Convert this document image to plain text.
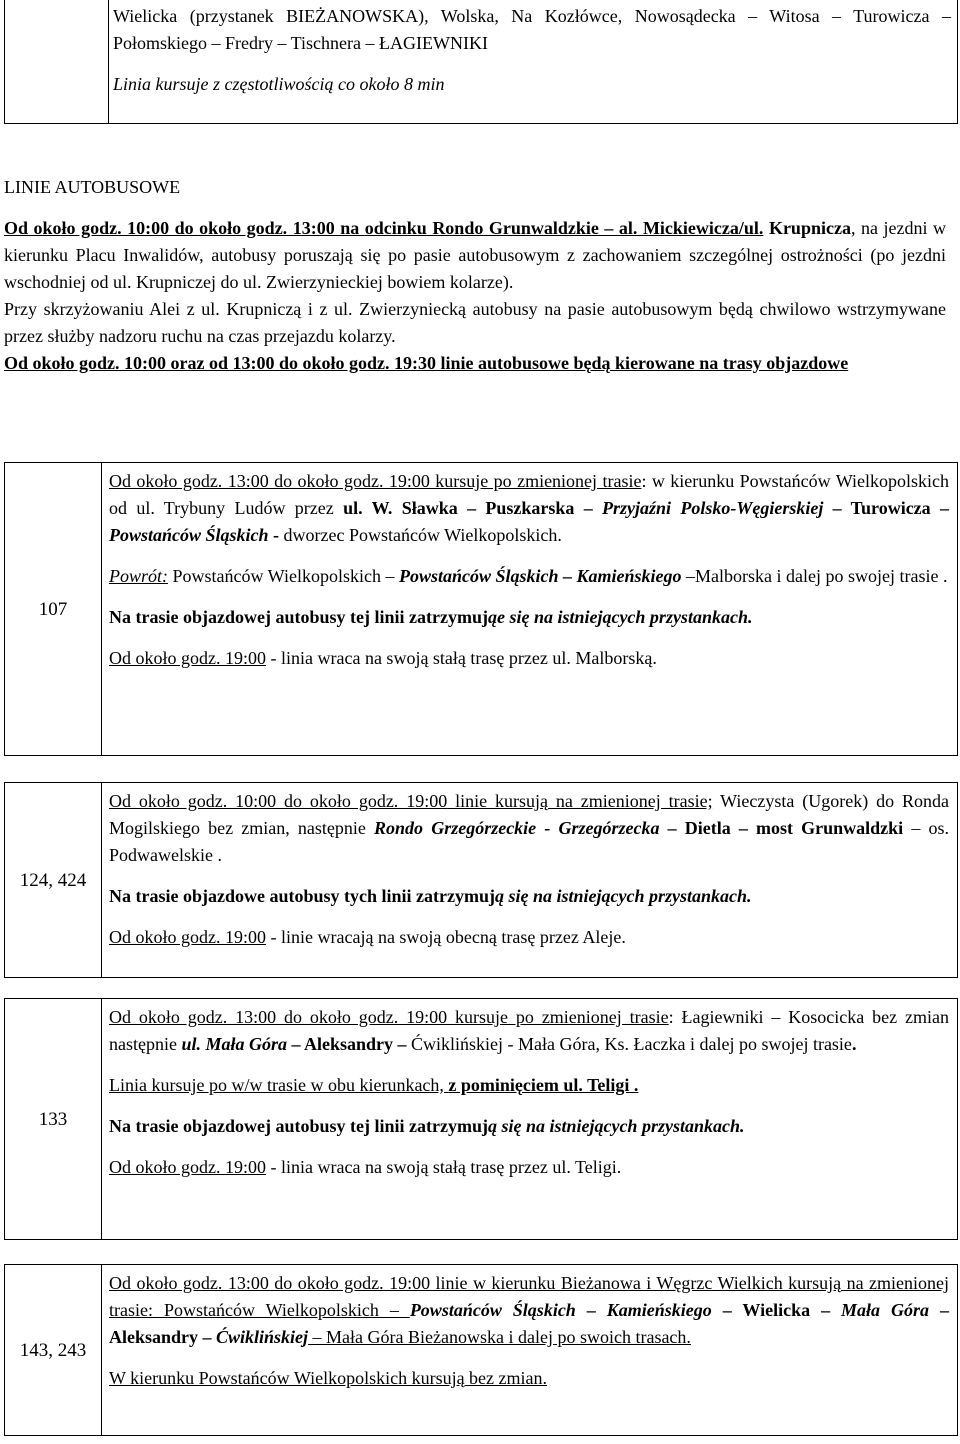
Wielicka (przystanek BIEŻANOWSKA), Wolska, Na Kozłówce, Nowosądecka – Witosa – Turowicza – Połomskiego – Fredry – Tischnera – ŁAGIEWNIKI

Linia kursuje z częstotliwością co około 8 min

LINIE AUTOBUSOWE

Od około godz. 10:00 do około godz. 13:00 na odcinku Rondo Grunwaldzkie – al. Mickiewicza/ul. Krupnicza, na jezdni w kierunku Placu Inwalidów, autobusy poruszają się po pasie autobusowym z zachowaniem szczególnej ostrożności (po jezdni wschodniej od ul. Krupniczej do ul. Zwierzynieckiej bowiem kolarze).

Przy skrzyżowaniu Alei z ul. Krupniczą i z ul. Zwierzyniecką autobusy na pasie autobusowym będą chwilowo wstrzymywane przez służby nadzoru ruchu na czas przejazdu kolarzy.

Od około godz. 10:00 oraz od 13:00 do około godz. 19:30 linie autobusowe będą kierowane na trasy objazdowe

107

Od około godz. 13:00 do około godz. 19:00 kursuje po zmienionej trasie: w kierunku Powstańców Wielkopolskich od ul. Trybuny Ludów przez ul. W. Sławka – Puszkarska – Przyjaźni Polsko-Węgierskiej – Turowicza – Powstańców Śląskich - dworzec Powstańców Wielkopolskich.

Powrót: Powstańców Wielkopolskich – Powstańców Śląskich – Kamieńskiego –Malborska i dalej po swojej trasie .

Na trasie objazdowej autobusy tej linii zatrzymująe się na istniejących przystankach.

Od około godz. 19:00 - linia wraca na swoją stałą trasę przez ul. Malborską.

124, 424

Od około godz. 10:00 do około godz. 19:00 linie kursują na zmienionej trasie; Wieczysta (Ugorek) do Ronda Mogilskiego bez zmian, następnie Rondo Grzegórzeckie - Grzegórzecka – Dietla – most Grunwaldzki – os. Podwawelskie .

Na trasie objazdowe autobusy tych linii zatrzymują się na istniejących przystankach.

Od około godz. 19:00 - linie wracają na swoją obecną trasę przez Aleje.

133

Od około godz. 13:00 do około godz. 19:00 kursuje po zmienionej trasie: Łagiewniki – Kosocicka bez zmian następnie ul. Mała Góra – Aleksandry – Ćwiklińskiej - Mała Góra, Ks. Łaczka i dalej po swojej trasie.

Linia kursuje po w/w trasie w obu kierunkach, z pominięciem ul. Teligi .

Na trasie objazdowej autobusy tej linii zatrzymują się na istniejących przystankach.

Od około godz. 19:00 - linia wraca na swoją stałą trasę przez ul. Teligi.

143, 243

Od około godz. 13:00 do około godz. 19:00 linie w kierunku Bieżanowa i Węgrzc Wielkich kursują na zmienionej trasie: Powstańców Wielkopolskich – Powstańców Śląskich – Kamieńskiego – Wielicka – Mała Góra – Aleksandry – Ćwiklińskiej – Mała Góra Bieżanowska i dalej po swoich trasach.

W kierunku Powstańców Wielkopolskich kursują bez zmian.
